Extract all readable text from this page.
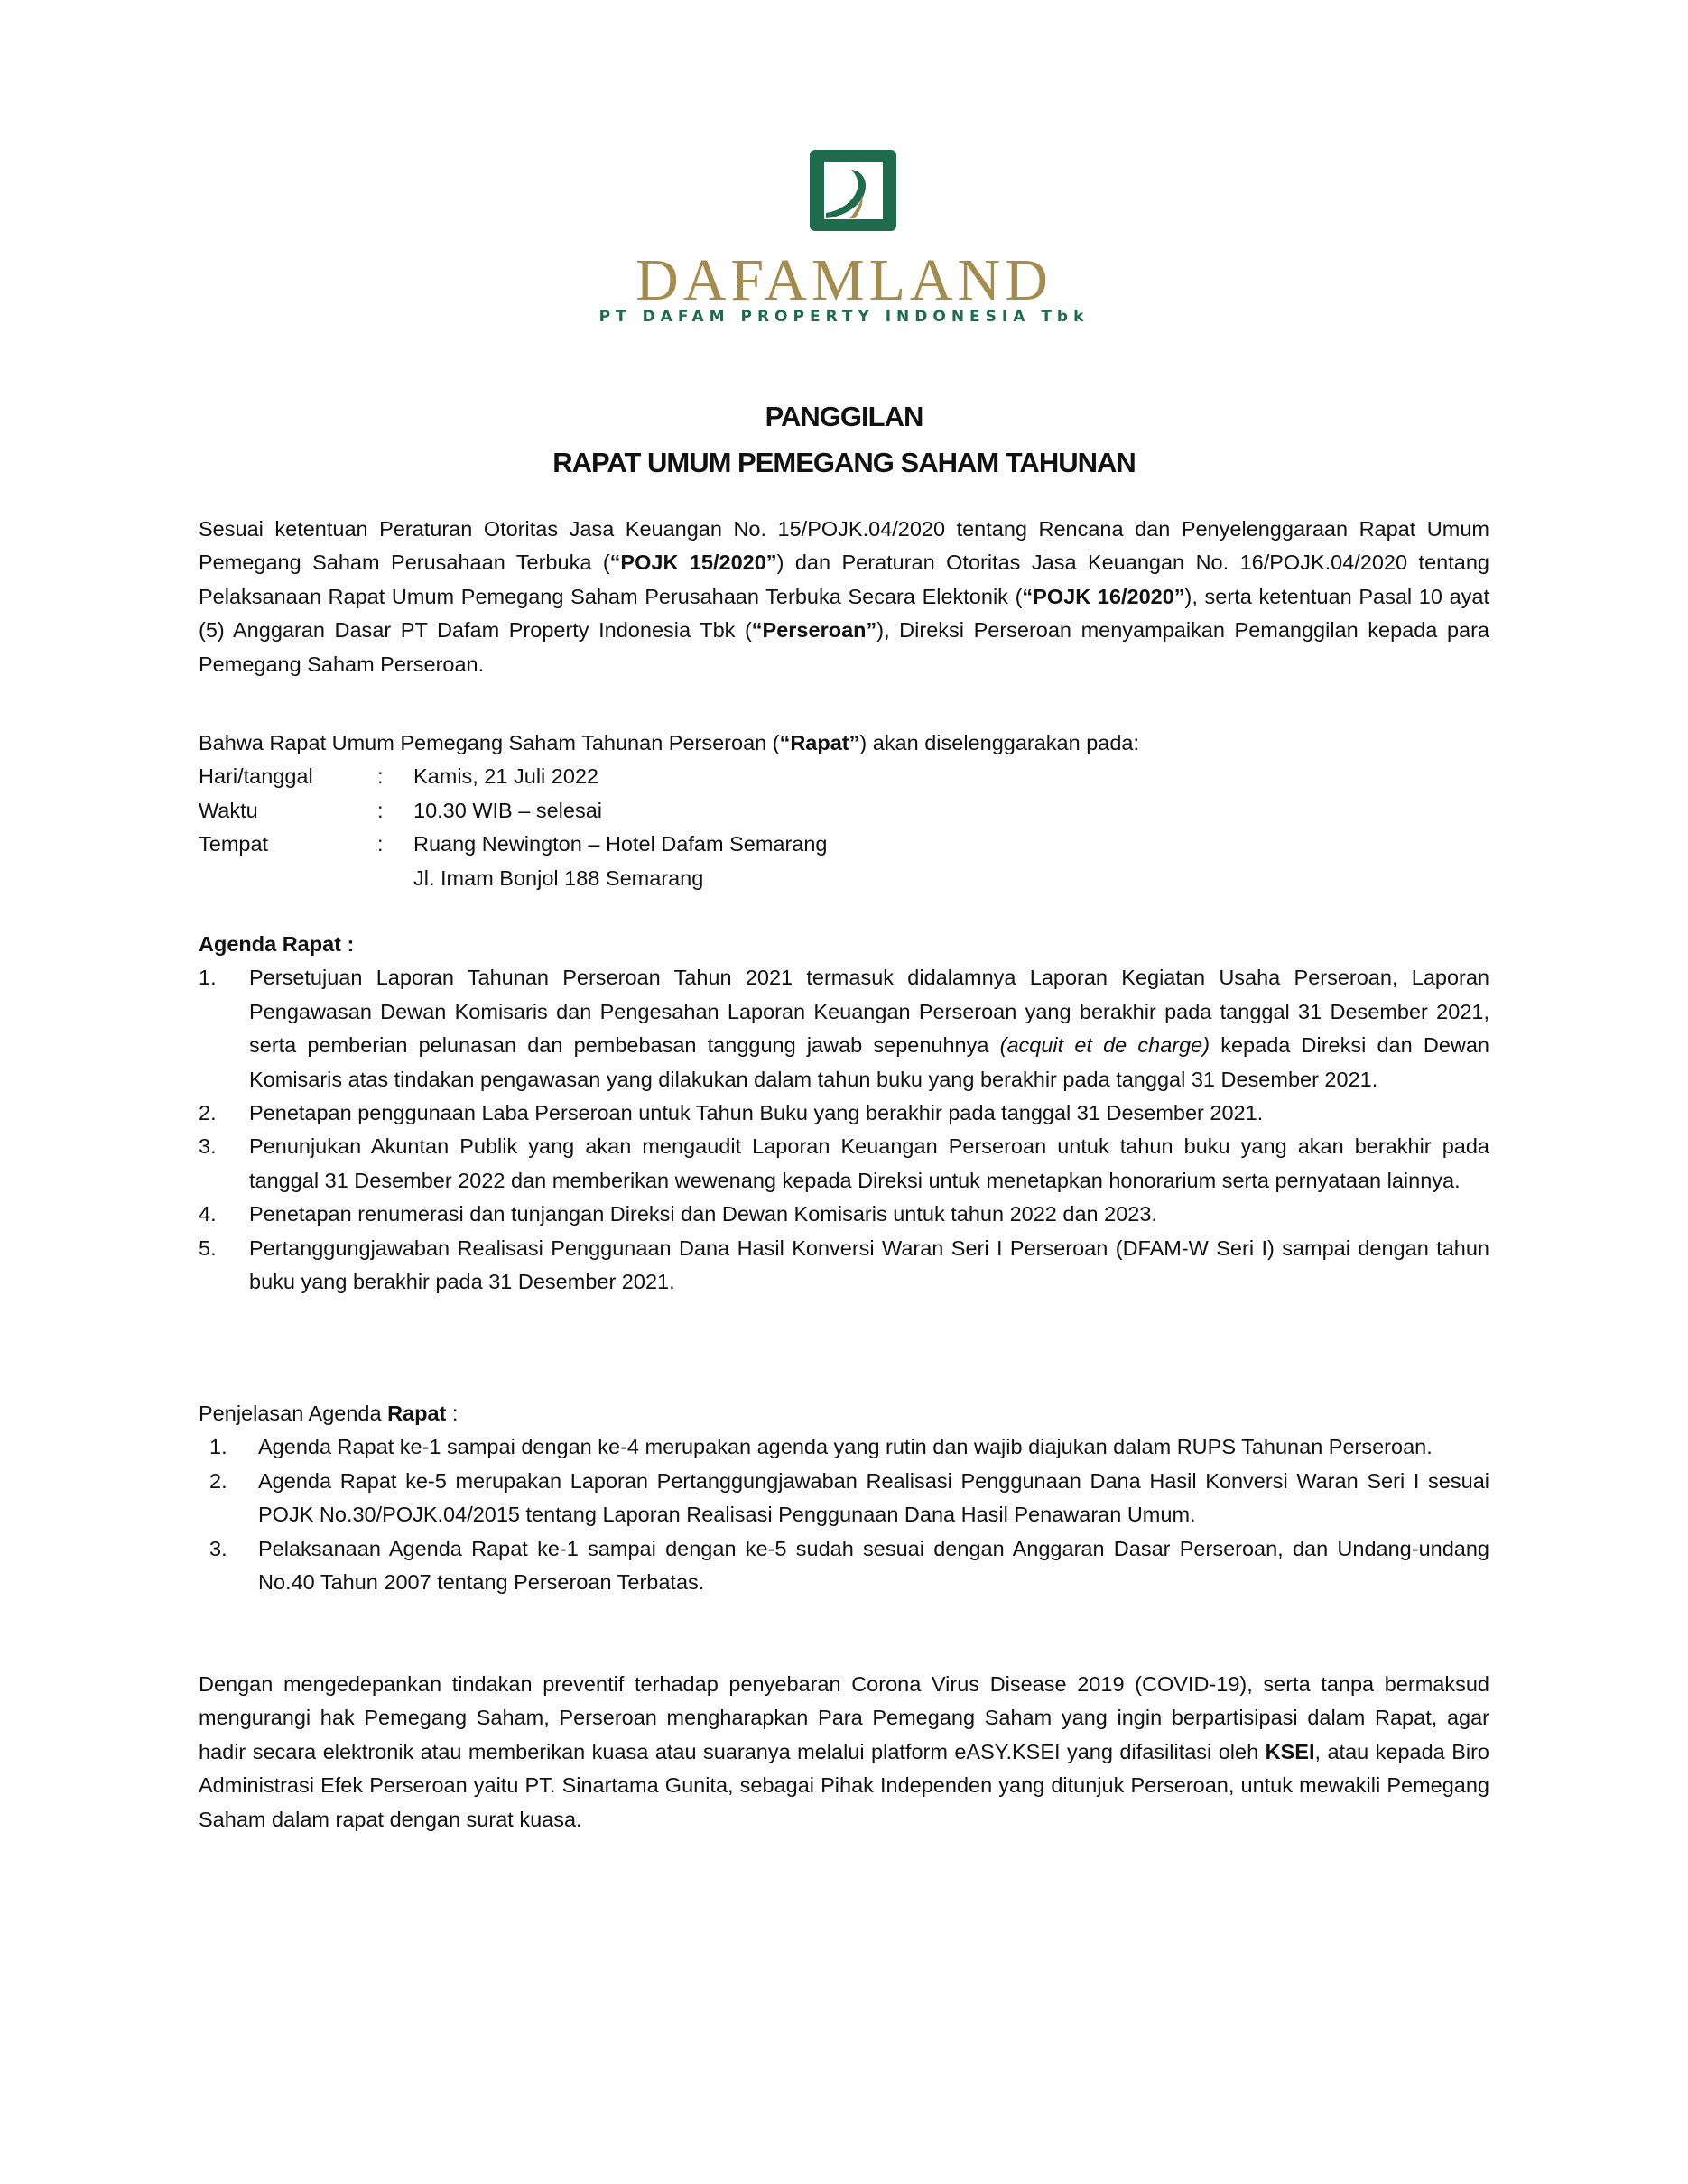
DAFAMLAND
PT DAFAM PROPERTY INDONESIA Tbk
PANGGILAN
RAPAT UMUM PEMEGANG SAHAM TAHUNAN
Sesuai ketentuan Peraturan Otoritas Jasa Keuangan No. 15/POJK.04/2020 tentang Rencana dan Penyelenggaraan Rapat Umum Pemegang Saham Perusahaan Terbuka (“POJK 15/2020”) dan Peraturan Otoritas Jasa Keuangan No. 16/POJK.04/2020 tentang Pelaksanaan Rapat Umum Pemegang Saham Perusahaan Terbuka Secara Elektonik (“POJK 16/2020”), serta ketentuan Pasal 10 ayat (5) Anggaran Dasar PT Dafam Property Indonesia Tbk (“Perseroan”), Direksi Perseroan menyampaikan Pemanggilan kepada para Pemegang Saham Perseroan.
Bahwa Rapat Umum Pemegang Saham Tahunan Perseroan (“Rapat”) akan diselenggarakan pada:
Hari/tanggal	:	Kamis, 21 Juli 2022
Waktu	:	10.30 WIB – selesai
Tempat	:	Ruang Newington – Hotel Dafam Semarang
Jl. Imam Bonjol 188 Semarang
Agenda Rapat :
1.	Persetujuan Laporan Tahunan Perseroan Tahun 2021 termasuk didalamnya Laporan Kegiatan Usaha Perseroan, Laporan Pengawasan Dewan Komisaris dan Pengesahan Laporan Keuangan Perseroan yang berakhir pada tanggal 31 Desember 2021, serta pemberian pelunasan dan pembebasan tanggung jawab sepenuhnya (acquit et de charge) kepada Direksi dan Dewan Komisaris atas tindakan pengawasan yang dilakukan dalam tahun buku yang berakhir pada tanggal 31 Desember 2021.
2.	Penetapan penggunaan Laba Perseroan untuk Tahun Buku yang berakhir pada tanggal 31 Desember 2021.
3.	Penunjukan Akuntan Publik yang akan mengaudit Laporan Keuangan Perseroan untuk tahun buku yang akan berakhir pada tanggal 31 Desember 2022 dan memberikan wewenang kepada Direksi untuk menetapkan honorarium serta pernyataan lainnya.
4.	Penetapan renumerasi dan tunjangan Direksi dan Dewan Komisaris untuk tahun 2022 dan 2023.
5.	Pertanggungjawaban Realisasi Penggunaan Dana Hasil Konversi Waran Seri I Perseroan (DFAM-W Seri I) sampai dengan tahun buku yang berakhir pada 31 Desember 2021.
Penjelasan Agenda Rapat :
1.	Agenda Rapat ke-1 sampai dengan ke-4 merupakan agenda yang rutin dan wajib diajukan dalam RUPS Tahunan Perseroan.
2.	Agenda Rapat ke-5 merupakan Laporan Pertanggungjawaban Realisasi Penggunaan Dana Hasil Konversi Waran Seri I sesuai POJK No.30/POJK.04/2015 tentang Laporan Realisasi Penggunaan Dana Hasil Penawaran Umum.
3.	Pelaksanaan Agenda Rapat ke-1 sampai dengan ke-5 sudah sesuai dengan Anggaran Dasar Perseroan, dan Undang-undang No.40 Tahun 2007 tentang Perseroan Terbatas.
Dengan mengedepankan tindakan preventif terhadap penyebaran Corona Virus Disease 2019 (COVID-19), serta tanpa bermaksud mengurangi hak Pemegang Saham, Perseroan mengharapkan Para Pemegang Saham yang ingin berpartisipasi dalam Rapat, agar hadir secara elektronik atau memberikan kuasa atau suaranya melalui platform eASY.KSEI yang difasilitasi oleh KSEI, atau kepada Biro Administrasi Efek Perseroan yaitu PT. Sinartama Gunita, sebagai Pihak Independen yang ditunjuk Perseroan, untuk mewakili Pemegang Saham dalam rapat dengan surat kuasa.
